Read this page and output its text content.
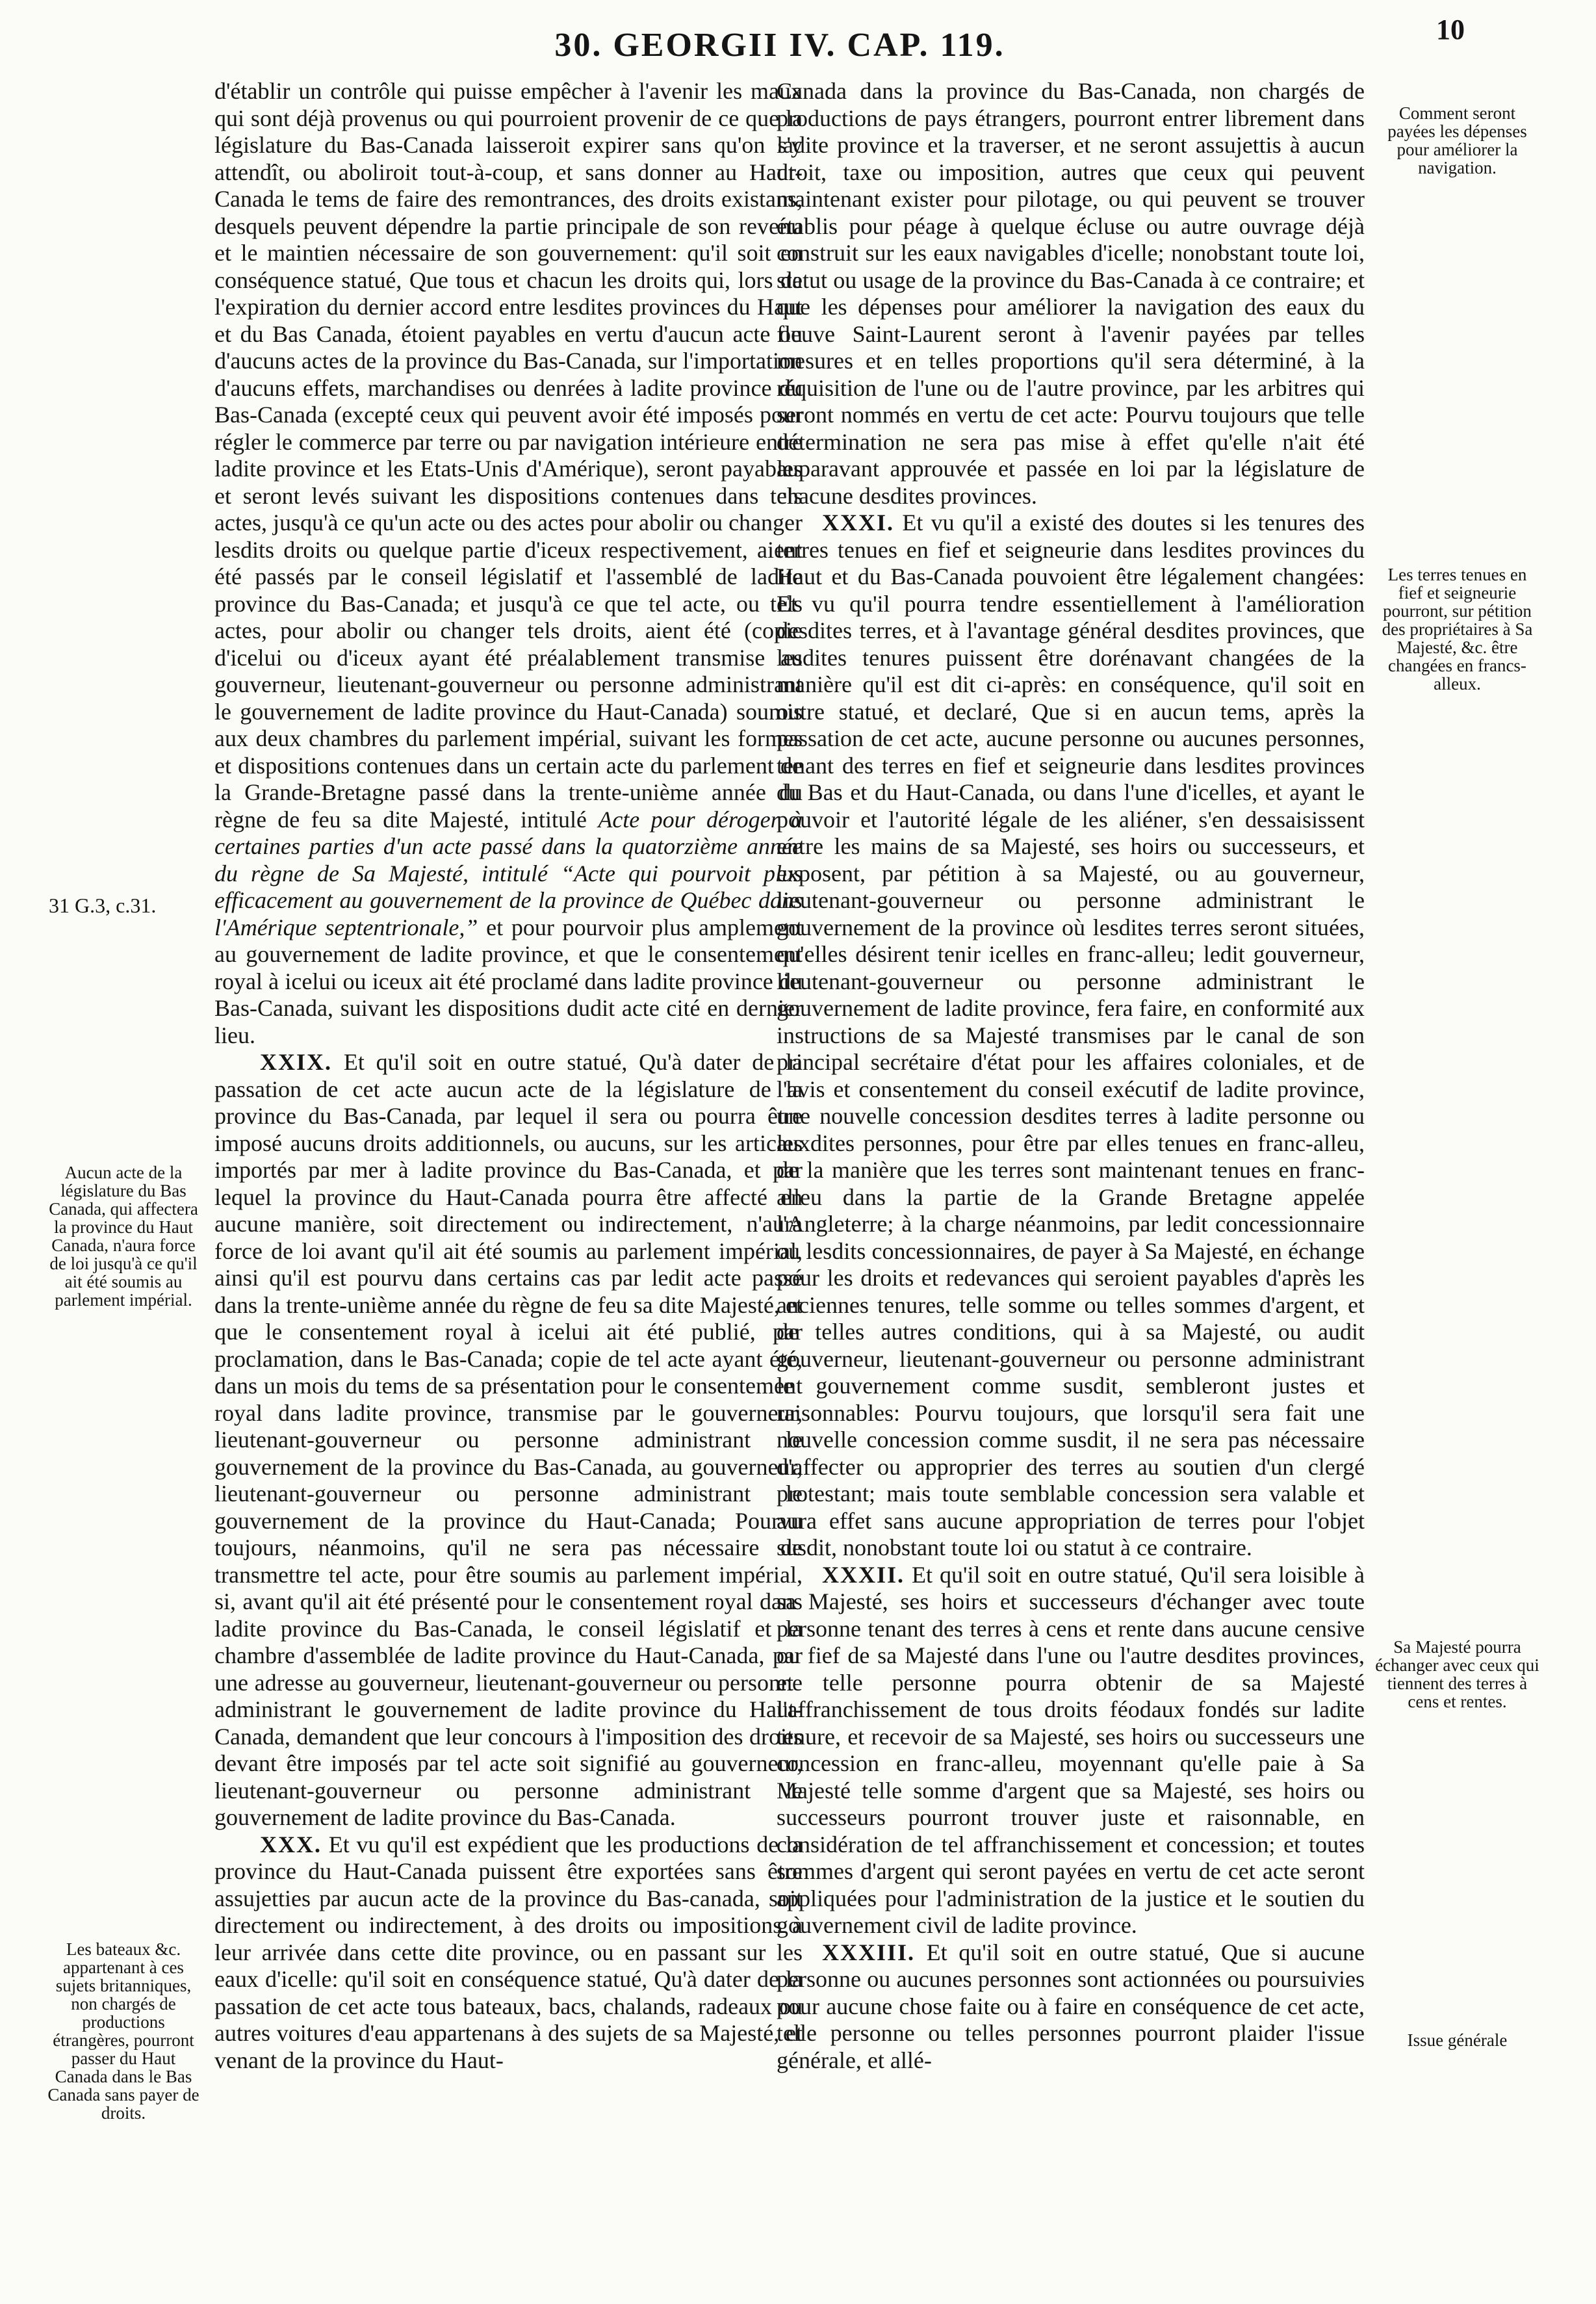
30. GEORGII IV. CAP. 119.	10
31 G.3, c.31.
Aucun acte de la législature du Bas Canada, qui affectera la province du Haut Canada, n'aura force de loi jusqu'à ce qu'il ait été soumis au parlement impérial.
Les bateaux &c. appartenant à ces sujets britanniques, non chargés de productions étrangères, pourront passer du Haut Canada dans le Bas Canada sans payer de droits.
Comment seront payées les dépenses pour améliorer la navigation.
Les terres tenues en fief et seigneurie pourront, sur pétition des propriétaires à Sa Majesté, &c. être changées en francs-alleux.
Sa Majesté pourra échanger avec ceux qui tiennent des terres à cens et rentes.
Issue générale

d'établir un contrôle qui puisse empêcher à l'avenir les maux qui sont déjà provenus ou qui pourroient provenir de ce que la législature du Bas-Canada laisseroit expirer sans qu'on s'y attendît, ou aboliroit tout-à-coup, et sans donner au Haut-Canada le tems de faire des remontrances, des droits existans, desquels peuvent dépendre la partie principale de son revenu et le maintien nécessaire de son gouvernement: qu'il soit en conséquence statué, Que tous et chacun les droits qui, lors de l'expiration du dernier accord entre lesdites provinces du Haut et du Bas Canada, étoient payables en vertu d'aucun acte ou d'aucuns actes de la province du Bas-Canada, sur l'importation d'aucuns effets, marchandises ou denrées à ladite province du Bas-Canada (excepté ceux qui peuvent avoir été imposés pour régler le commerce par terre ou par navigation intérieure entre ladite province et les Etats-Unis d'Amérique), seront payables et seront levés suivant les dispositions contenues dans tels actes, jusqu'à ce qu'un acte ou des actes pour abolir ou changer lesdits droits ou quelque partie d'iceux respectivement, aient été passés par le conseil législatif et l'assemblé de ladite province du Bas-Canada; et jusqu'à ce que tel acte, ou tels actes, pour abolir ou changer tels droits, aient été (copie d'icelui ou d'iceux ayant été préalablement transmise au gouverneur, lieutenant-gouverneur ou personne administrant le gouvernement de ladite province du Haut-Canada) soumis aux deux chambres du parlement impérial, suivant les formes et dispositions contenues dans un certain acte du parlement de la Grande-Bretagne passé dans la trente-unième année du règne de feu sa dite Majesté, intitulé Acte pour déroger à certaines parties d'un acte passé dans la quatorzième année du règne de Sa Majesté, intitulé “Acte qui pourvoit plus efficacement au gouvernement de la province de Québec dans l'Amérique septentrionale,” et pour pourvoir plus amplement au gouvernement de ladite province, et que le consentement royal à icelui ou iceux ait été proclamé dans ladite province du Bas-Canada, suivant les dispositions dudit acte cité en dernier lieu.

XXIX. Et qu'il soit en outre statué, Qu'à dater de la passation de cet acte aucun acte de la législature de la province du Bas-Canada, par lequel il sera ou pourra être imposé aucuns droits additionnels, ou aucuns, sur les articles importés par mer à ladite province du Bas-Canada, et par lequel la province du Haut-Canada pourra être affecté en aucune manière, soit directement ou indirectement, n'aura force de loi avant qu'il ait été soumis au parlement impérial, ainsi qu'il est pourvu dans certains cas par ledit acte passé dans la trente-unième année du règne de feu sa dite Majesté, et que le consentement royal à icelui ait été publié, par proclamation, dans le Bas-Canada; copie de tel acte ayant été, dans un mois du tems de sa présentation pour le consentement royal dans ladite province, transmise par le gouverneur, lieutenant-gouverneur ou personne administrant le gouvernement de la province du Bas-Canada, au gouverneur, lieutenant-gouverneur ou personne administrant le gouvernement de la province du Haut-Canada; Pourvu toujours, néanmoins, qu'il ne sera pas nécessaire de transmettre tel acte, pour être soumis au parlement impérial, si, avant qu'il ait été présenté pour le consentement royal dans ladite province du Bas-Canada, le conseil législatif et la chambre d'assemblée de ladite province du Haut-Canada, par une adresse au gouverneur, lieutenant-gouverneur ou personne administrant le gouvernement de ladite province du Haut-Canada, demandent que leur concours à l'imposition des droits devant être imposés par tel acte soit signifié au gouverneur, lieutenant-gouverneur ou personne administrant le gouvernement de ladite province du Bas-Canada.

XXX. Et vu qu'il est expédient que les productions de la province du Haut-Canada puissent être exportées sans être assujetties par aucun acte de la province du Bas-canada, soit directement ou indirectement, à des droits ou impositions à leur arrivée dans cette dite province, ou en passant sur les eaux d'icelle: qu'il soit en conséquence statué, Qu'à dater de la passation de cet acte tous bateaux, bacs, chalands, radeaux ou autres voitures d'eau appartenans à des sujets de sa Majesté, et venant de la province du Haut-

Canada dans la province du Bas-Canada, non chargés de productions de pays étrangers, pourront entrer librement dans ladite province et la traverser, et ne seront assujettis à aucun droit, taxe ou imposition, autres que ceux qui peuvent maintenant exister pour pilotage, ou qui peuvent se trouver établis pour péage à quelque écluse ou autre ouvrage déjà construit sur les eaux navigables d'icelle; nonobstant toute loi, statut ou usage de la province du Bas-Canada à ce contraire; et que les dépenses pour améliorer la navigation des eaux du fleuve Saint-Laurent seront à l'avenir payées par telles mesures et en telles proportions qu'il sera déterminé, à la réquisition de l'une ou de l'autre province, par les arbitres qui seront nommés en vertu de cet acte: Pourvu toujours que telle détermination ne sera pas mise à effet qu'elle n'ait été auparavant approuvée et passée en loi par la législature de chacune desdites provinces.

XXXI. Et vu qu'il a existé des doutes si les tenures des terres tenues en fief et seigneurie dans lesdites provinces du Haut et du Bas-Canada pouvoient être légalement changées: Et vu qu'il pourra tendre essentiellement à l'amélioration desdites terres, et à l'avantage général desdites provinces, que lesdites tenures puissent être dorénavant changées de la manière qu'il est dit ci-après: en conséquence, qu'il soit en outre statué, et declaré, Que si en aucun tems, après la passation de cet acte, aucune personne ou aucunes personnes, tenant des terres en fief et seigneurie dans lesdites provinces du Bas et du Haut-Canada, ou dans l'une d'icelles, et ayant le pouvoir et l'autorité légale de les aliéner, s'en dessaisissent entre les mains de sa Majesté, ses hoirs ou successeurs, et exposent, par pétition à sa Majesté, ou au gouverneur, lieutenant-gouverneur ou personne administrant le gouvernement de la province où lesdites terres seront situées, qu'elles désirent tenir icelles en franc-alleu; ledit gouverneur, lieutenant-gouverneur ou personne administrant le gouvernement de ladite province, fera faire, en conformité aux instructions de sa Majesté transmises par le canal de son principal secrétaire d'état pour les affaires coloniales, et de l'avis et consentement du conseil exécutif de ladite province, une nouvelle concession desdites terres à ladite personne ou auxdites personnes, pour être par elles tenues en franc-alleu, de la manière que les terres sont maintenant tenues en franc-alleu dans la partie de la Grande Bretagne appelée l'Angleterre; à la charge néanmoins, par ledit concessionnaire ou lesdits concessionnaires, de payer à Sa Majesté, en échange pour les droits et redevances qui seroient payables d'après les anciennes tenures, telle somme ou telles sommes d'argent, et de telles autres conditions, qui à sa Majesté, ou audit gouverneur, lieutenant-gouverneur ou personne administrant le gouvernement comme susdit, sembleront justes et raisonnables: Pourvu toujours, que lorsqu'il sera fait une nouvelle concession comme susdit, il ne sera pas nécessaire d'affecter ou approprier des terres au soutien d'un clergé protestant; mais toute semblable concession sera valable et aura effet sans aucune appropriation de terres pour l'objet susdit, nonobstant toute loi ou statut à ce contraire.

XXXII. Et qu'il soit en outre statué, Qu'il sera loisible à sa Majesté, ses hoirs et successeurs d'échanger avec toute personne tenant des terres à cens et rente dans aucune censive ou fief de sa Majesté dans l'une ou l'autre desdites provinces, et telle personne pourra obtenir de sa Majesté l'affranchissement de tous droits féodaux fondés sur ladite tenure, et recevoir de sa Majesté, ses hoirs ou successeurs une concession en franc-alleu, moyennant qu'elle paie à Sa Majesté telle somme d'argent que sa Majesté, ses hoirs ou successeurs pourront trouver juste et raisonnable, en considération de tel affranchissement et concession; et toutes sommes d'argent qui seront payées en vertu de cet acte seront appliquées pour l'administration de la justice et le soutien du gouvernement civil de ladite province.

XXXIII. Et qu'il soit en outre statué, Que si aucune personne ou aucunes personnes sont actionnées ou poursuivies pour aucune chose faite ou à faire en conséquence de cet acte, telle personne ou telles personnes pourront plaider l'issue générale, et allé-
